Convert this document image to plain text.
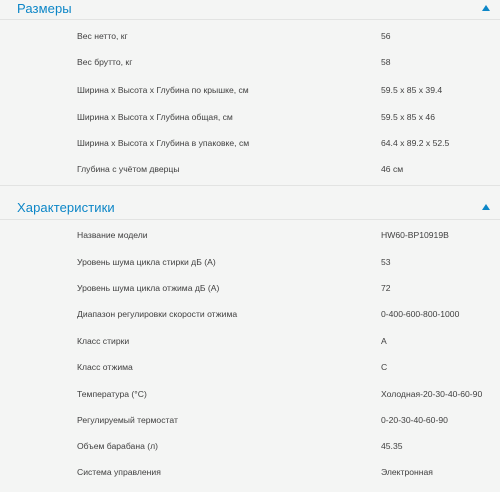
Размеры
Вес нетто, кг	56
Вес брутто, кг	58
Ширина x Высота x Глубина по крышке, см	59.5 x 85 x 39.4
Ширина x Высота x Глубина общая, см	59.5 x 85 x 46
Ширина x Высота x Глубина в упаковке, см	64.4 x 89.2 x 52.5
Глубина с учётом дверцы	46 см
Характеристики
Название модели	HW60-BP10919B
Уровень шума цикла стирки дБ (А)	53
Уровень шума цикла отжима дБ (А)	72
Диапазон регулировки скорости отжима	0-400-600-800-1000
Класс стирки	A
Класс отжима	C
Температура (°C)	Холодная-20-30-40-60-90
Регулируемый термостат	0-20-30-40-60-90
Объем барабана (л)	45.35
Система управления	Электронная
